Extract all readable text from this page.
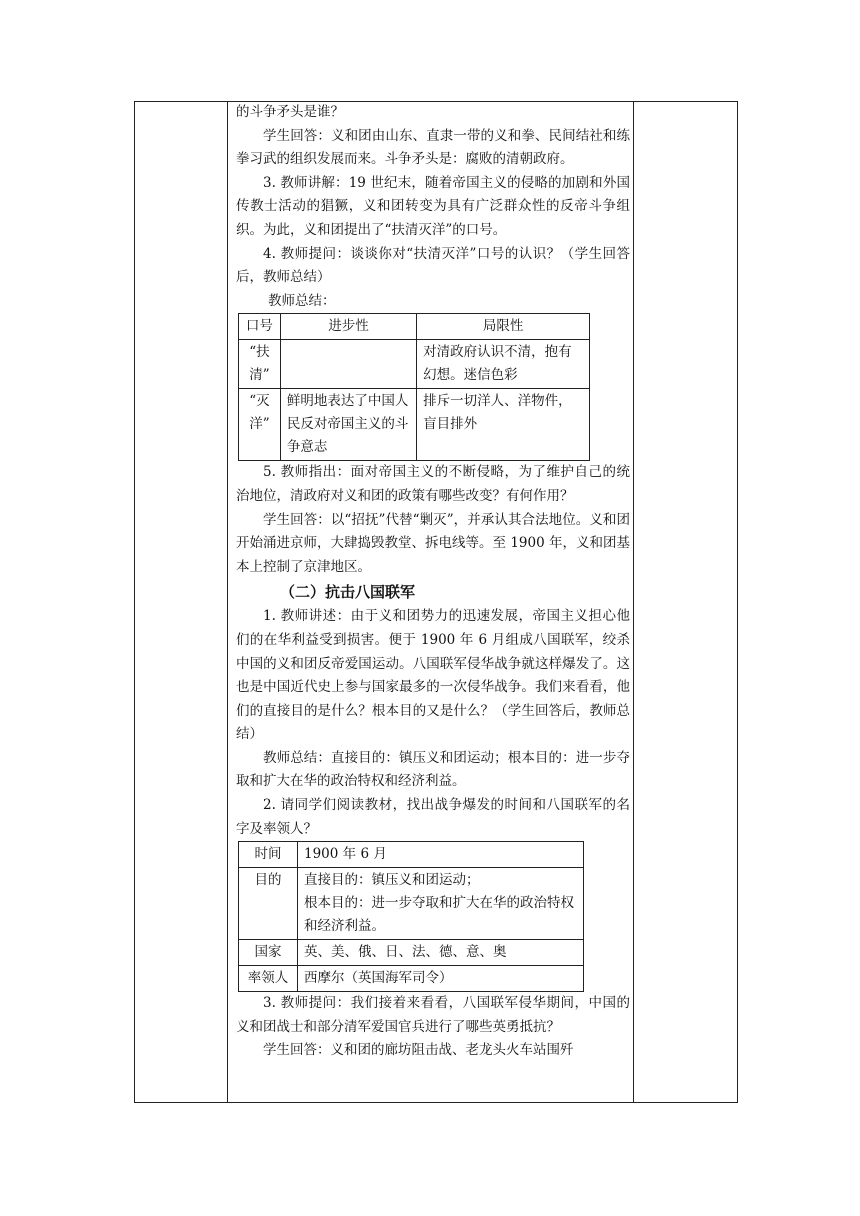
的斗争矛头是谁？

学生回答：义和团由山东、直隶一带的义和拳、民间结社和练拳习武的组织发展而来。斗争矛头是：腐败的清朝政府。

3. 教师讲解：19 世纪末，随着帝国主义的侵略的加剧和外国传教士活动的猖獗，义和团转变为具有广泛群众性的反帝斗争组织。为此，义和团提出了“扶清灭洋”的口号。

4. 教师提问：谈谈你对“扶清灭洋”口号的认识？（学生回答后，教师总结）

教师总结：

口号	进步性	局限性
“扶清”		对清政府认识不清，抱有幻想。迷信色彩
“灭洋”	鲜明地表达了中国人民反对帝国主义的斗争意志	排斥一切洋人、洋物件，盲目排外

5. 教师指出：面对帝国主义的不断侵略，为了维护自己的统治地位，清政府对义和团的政策有哪些改变？有何作用？

学生回答：以“招抚”代替“剿灭”，并承认其合法地位。义和团开始涌进京师，大肆捣毁教堂、拆电线等。至 1900 年，义和团基本上控制了京津地区。

（二）抗击八国联军

1. 教师讲述：由于义和团势力的迅速发展，帝国主义担心他们的在华利益受到损害。便于 1900 年 6 月组成八国联军，绞杀中国的义和团反帝爱国运动。八国联军侵华战争就这样爆发了。这也是中国近代史上参与国家最多的一次侵华战争。我们来看看，他们的直接目的是什么？根本目的又是什么？（学生回答后，教师总结）

教师总结：直接目的：镇压义和团运动；根本目的：进一步夺取和扩大在华的政治特权和经济利益。

2. 请同学们阅读教材，找出战争爆发的时间和八国联军的名字及率领人？

时间	1900 年 6 月
目的	直接目的：镇压义和团运动；
根本目的：进一步夺取和扩大在华的政治特权和经济利益。
国家	英、美、俄、日、法、德、意、奥
率领人	西摩尔（英国海军司令）

3. 教师提问：我们接着来看看，八国联军侵华期间，中国的义和团战士和部分清军爱国官兵进行了哪些英勇抵抗？

学生回答：义和团的廊坊阻击战、老龙头火车站围歼
